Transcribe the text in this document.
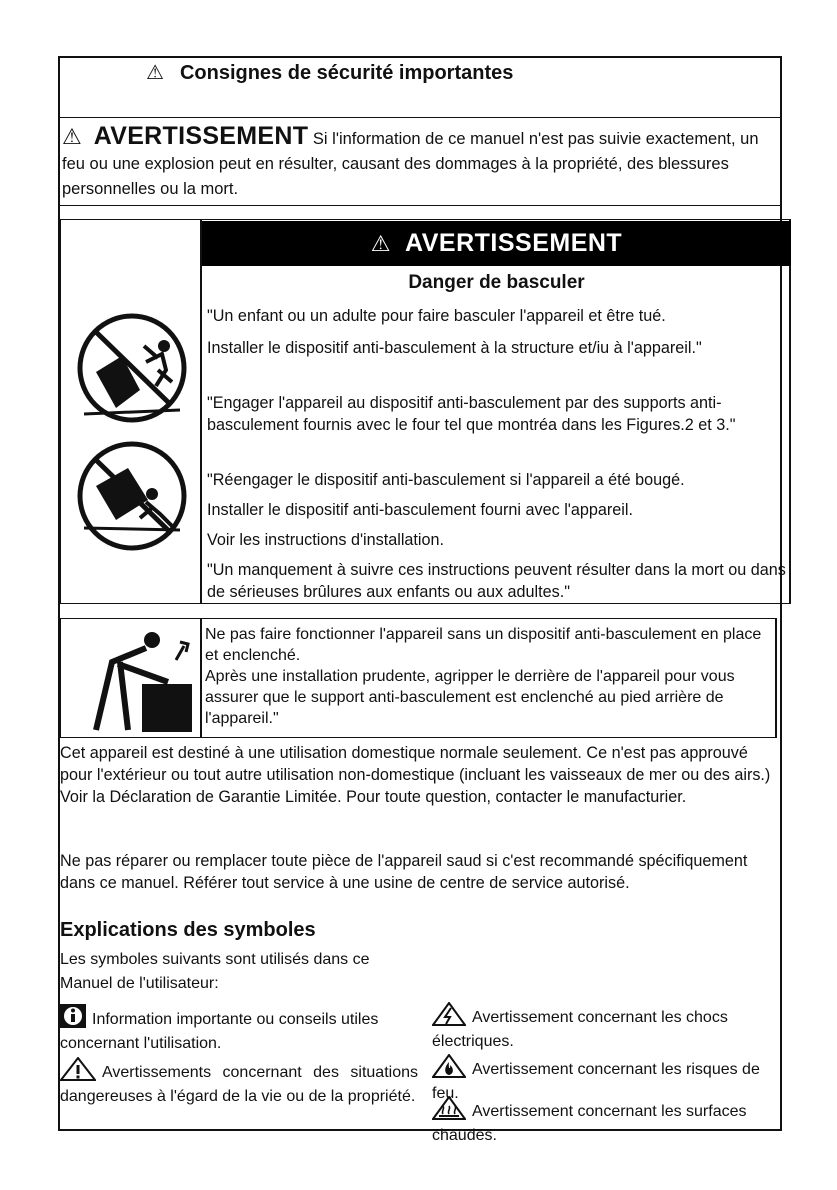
⚠ Consignes de sécurité importantes
⚠ AVERTISSEMENT Si l'information de ce manuel n'est pas suivie exactement, un feu ou une explosion peut en résulter, causant des dommages à la propriété, des blessures personnelles ou la mort.
⚠ AVERTISSEMENT
Danger de basculer
"Un enfant ou un adulte pour faire basculer l'appareil et être tué.
Installer le dispositif anti-basculement à la structure et/iu à l'appareil."
"Engager l'appareil au dispositif anti-basculement par des supports anti-basculement fournis avec le four tel que montréa dans les Figures.2 et 3."
"Réengager le dispositif anti-basculement si l'appareil a été bougé.
Installer le dispositif anti-basculement fourni avec l'appareil.
Voir les instructions d'installation.
"Un manquement à suivre ces instructions peuvent résulter dans la mort ou dans de sérieuses brûlures aux enfants ou aux adultes."
Ne pas faire fonctionner l'appareil sans un dispositif anti-basculement en place et enclenché.
Après une installation prudente, agripper le derrière de l'appareil pour vous assurer que le support anti-basculement est enclenché au pied arrière de l'appareil."
Cet appareil est destiné à une utilisation domestique normale seulement. Ce n'est pas approuvé pour l'extérieur ou tout autre utilisation non-domestique (incluant les vaisseaux de mer ou des airs.) Voir la Déclaration de Garantie Limitée. Pour toute question, contacter le manufacturier.
Ne pas réparer ou remplacer toute pièce de l'appareil saud si c'est recommandé spécifiquement dans ce manuel. Référer tout service à une usine de centre de service autorisé.
Explications des symboles
Les symboles suivants sont utilisés dans ce Manuel de l'utilisateur:
Information importante ou conseils utiles concernant l'utilisation.
Avertissements concernant des situations dangereuses à l'égard de la vie ou de la propriété.
Avertissement concernant les chocs électriques.
Avertissement concernant les risques de feu.
Avertissement concernant les surfaces chaudes.
